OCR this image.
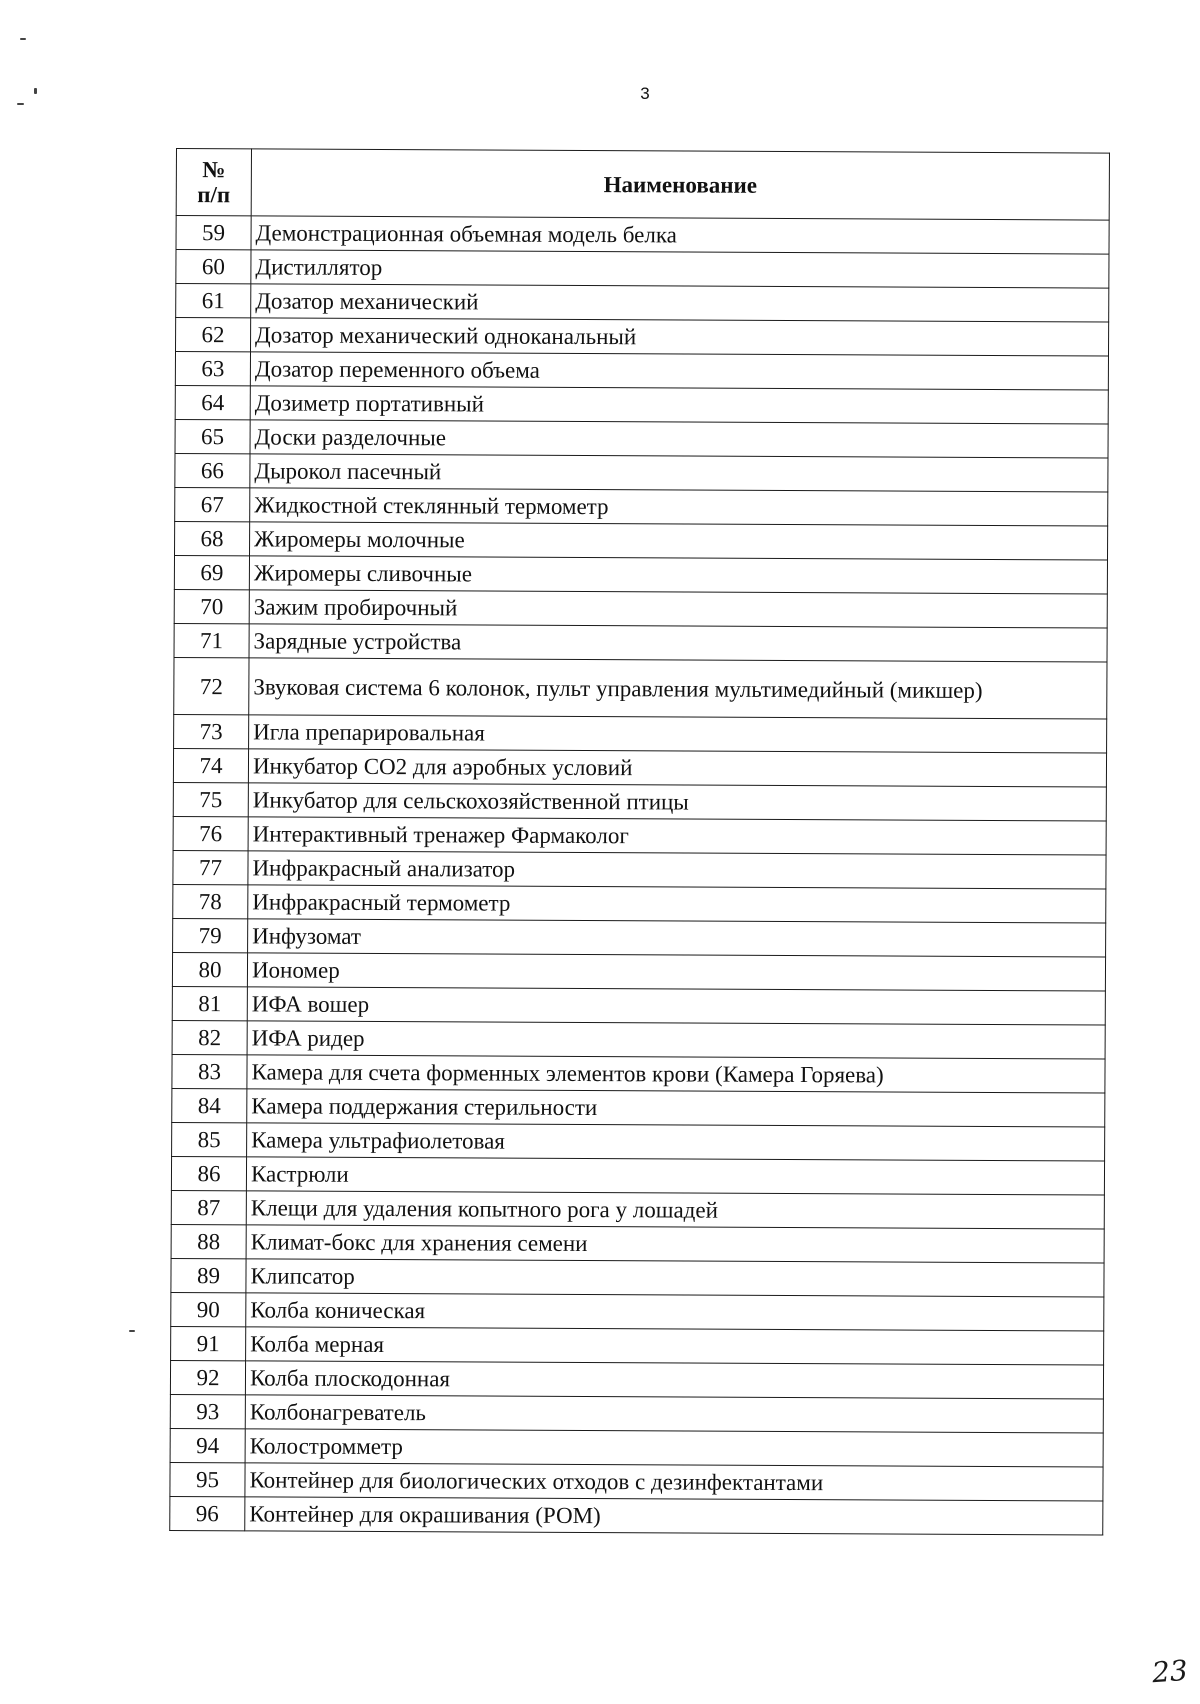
3
№
п/п	Наименование
59	Демонстрационная объемная модель белка
60	Дистиллятор
61	Дозатор механический
62	Дозатор механический одноканальный
63	Дозатор переменного объема
64	Дозиметр портативный
65	Доски разделочные
66	Дырокол пасечный
67	Жидкостной стеклянный термометр
68	Жиромеры молочные
69	Жиромеры сливочные
70	Зажим пробирочный
71	Зарядные устройства
72	Звуковая система 6 колонок, пульт управления мультимедийный (микшер)
73	Игла препарировальная
74	Инкубатор СО2 для аэробных условий
75	Инкубатор для сельскохозяйственной птицы
76	Интерактивный тренажер Фармаколог
77	Инфракрасный анализатор
78	Инфракрасный термометр
79	Инфузомат
80	Иономер
81	ИФА вошер
82	ИФА ридер
83	Камера для счета форменных элементов крови (Камера Горяева)
84	Камера поддержания стерильности
85	Камера ультрафиолетовая
86	Кастрюли
87	Клещи для удаления копытного рога у лошадей
88	Климат-бокс для хранения семени
89	Клипсатор
90	Колба коническая
91	Колба мерная
92	Колба плоскодонная
93	Колбонагреватель
94	Колостромметр
95	Контейнер для биологических отходов с дезинфектантами
96	Контейнер для окрашивания (РОМ)
23
